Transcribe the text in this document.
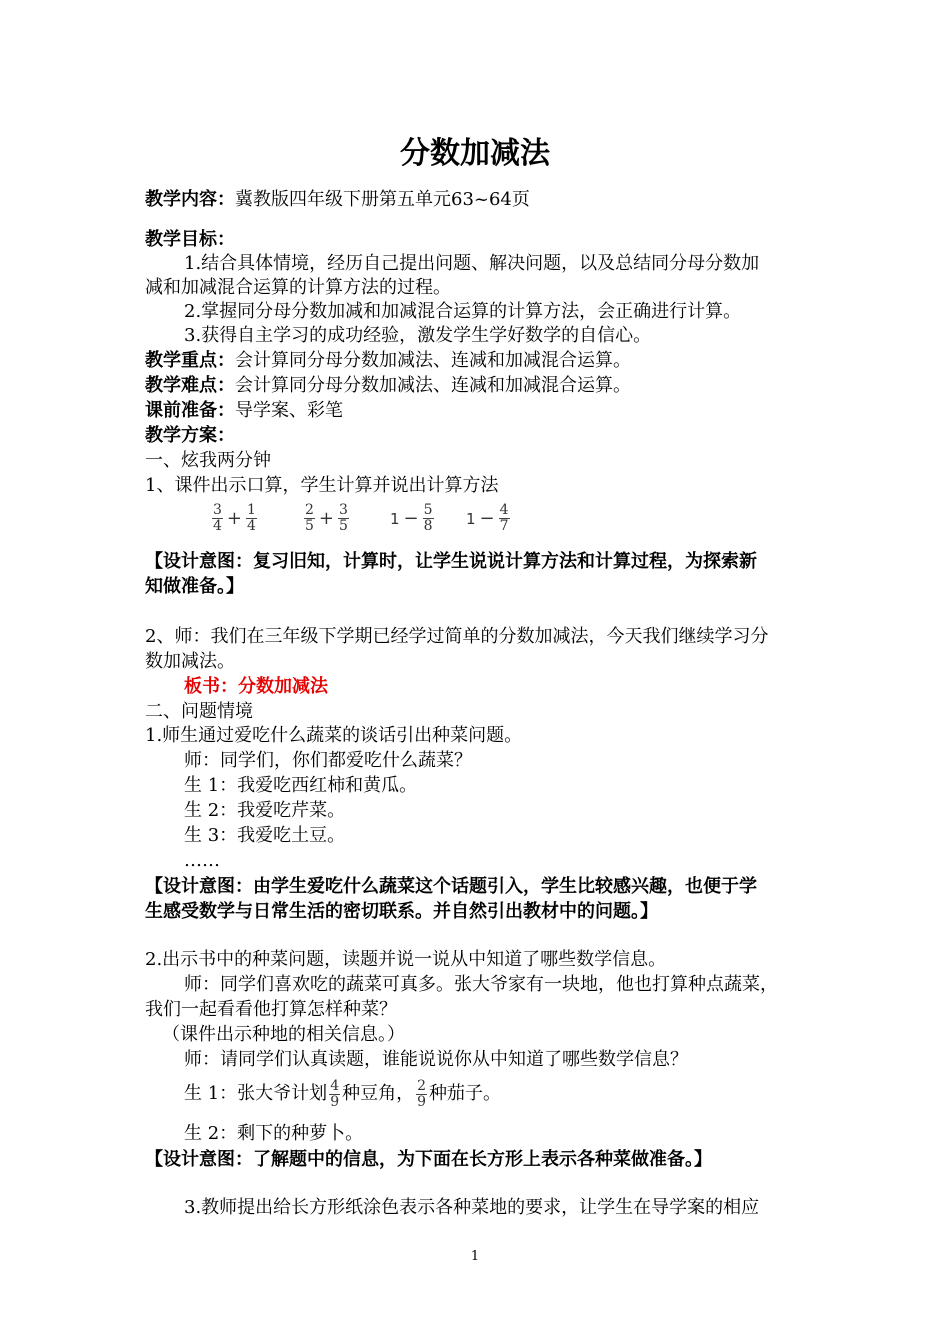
分数加减法
教学内容：冀教版四年级下册第五单元63~64页
教学目标：
1.结合具体情境，经历自己提出问题、解决问题，以及总结同分母分数加
减和加减混合运算的计算方法的过程。
2.掌握同分母分数加减和加减混合运算的计算方法，会正确进行计算。
3.获得自主学习的成功经验，激发学生学好数学的自信心。
教学重点：会计算同分母分数加减法、连减和加减混合运算。
教学难点：会计算同分母分数加减法、连减和加减混合运算。
课前准备：导学案、彩笔
教学方案：
一、炫我两分钟
1、课件出示口算，学生计算并说出计算方法
$\frac{3}{4} + \frac{1}{4}$	$\frac{2}{5} + \frac{3}{5}$	$1 - \frac{5}{8} 1 - \frac{4}{7}$
【设计意图：复习旧知，计算时，让学生说说计算方法和计算过程，为探索新
知做准备。】
2、师：我们在三年级下学期已经学过简单的分数加减法，今天我们继续学习分
数加减法。
板书：分数加减法
二、问题情境
1.师生通过爱吃什么蔬菜的谈话引出种菜问题。
师：同学们，你们都爱吃什么蔬菜？
生 1：我爱吃西红柿和黄瓜。
生 2：我爱吃芹菜。
生 3：我爱吃土豆。
……
【设计意图：由学生爱吃什么蔬菜这个话题引入，学生比较感兴趣，也便于学
生感受数学与日常生活的密切联系。并自然引出教材中的问题。】
2.出示书中的种菜问题，读题并说一说从中知道了哪些数学信息。
师：同学们喜欢吃的蔬菜可真多。张大爷家有一块地，他也打算种点蔬菜，
我们一起看看他打算怎样种菜？
（课件出示种地的相关信息。）
师：请同学们认真读题，谁能说说你从中知道了哪些数学信息？
生 1：张大爷计划 $\frac{4}{9}$ 种豆角， $\frac{2}{9}$ 种茄子。
生 2：剩下的种萝卜。
【设计意图：了解题中的信息，为下面在长方形上表示各种菜做准备。】
3.教师提出给长方形纸涂色表示各种菜地的要求，让学生在导学案的相应
1
